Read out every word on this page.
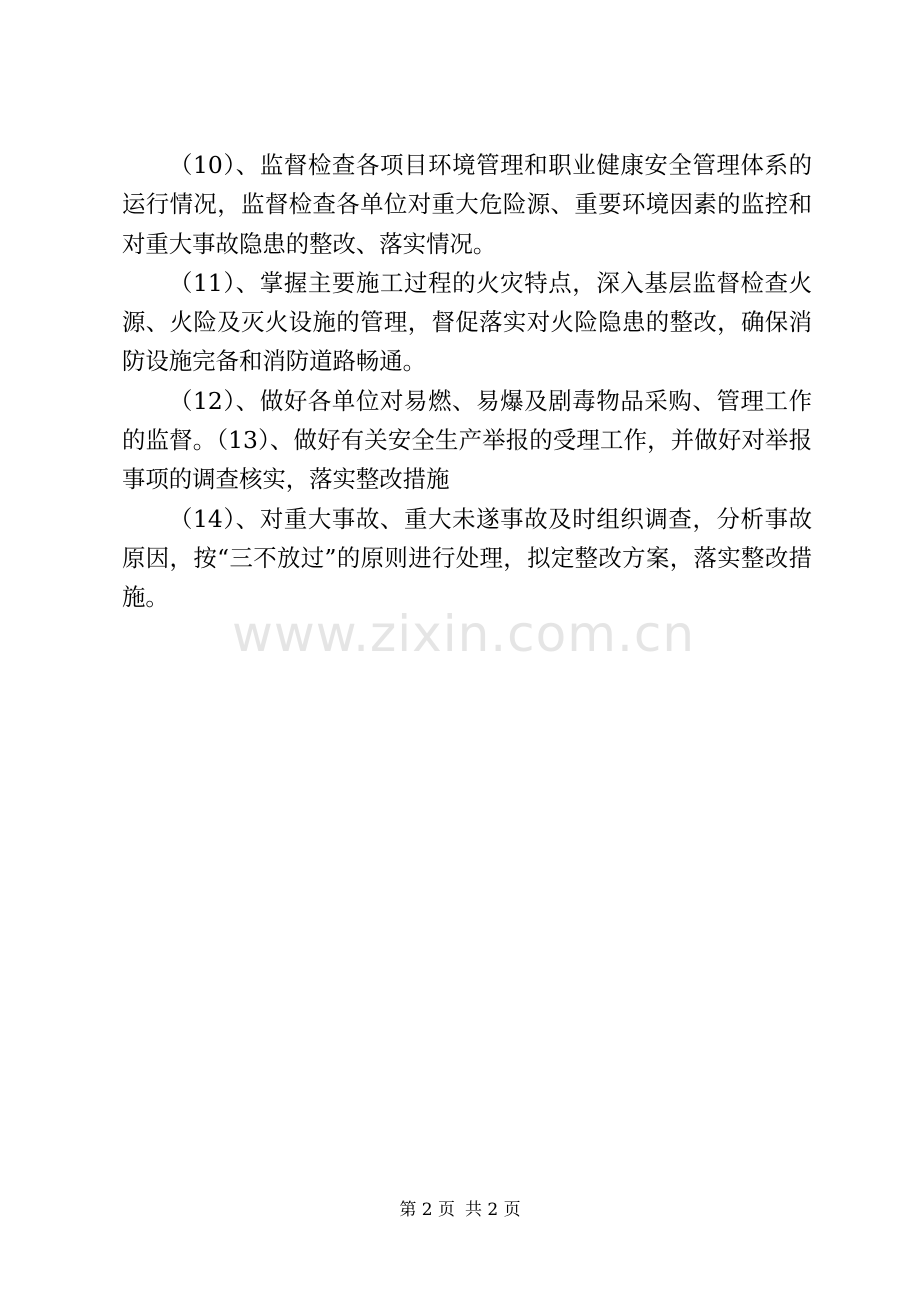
（10）、监督检查各项目环境管理和职业健康安全管理体系的运行情况，监督检查各单位对重大危险源、重要环境因素的监控和对重大事故隐患的整改、落实情况。

（11）、掌握主要施工过程的火灾特点，深入基层监督检查火源、火险及灭火设施的管理，督促落实对火险隐患的整改，确保消防设施完备和消防道路畅通。

（12）、做好各单位对易燃、易爆及剧毒物品采购、管理工作的监督。（13）、做好有关安全生产举报的受理工作，并做好对举报事项的调查核实，落实整改措施

（14）、对重大事故、重大未遂事故及时组织调查，分析事故原因，按“三不放过”的原则进行处理，拟定整改方案，落实整改措施。

www.zixin.com.cn
第 2 页 共 2 页
